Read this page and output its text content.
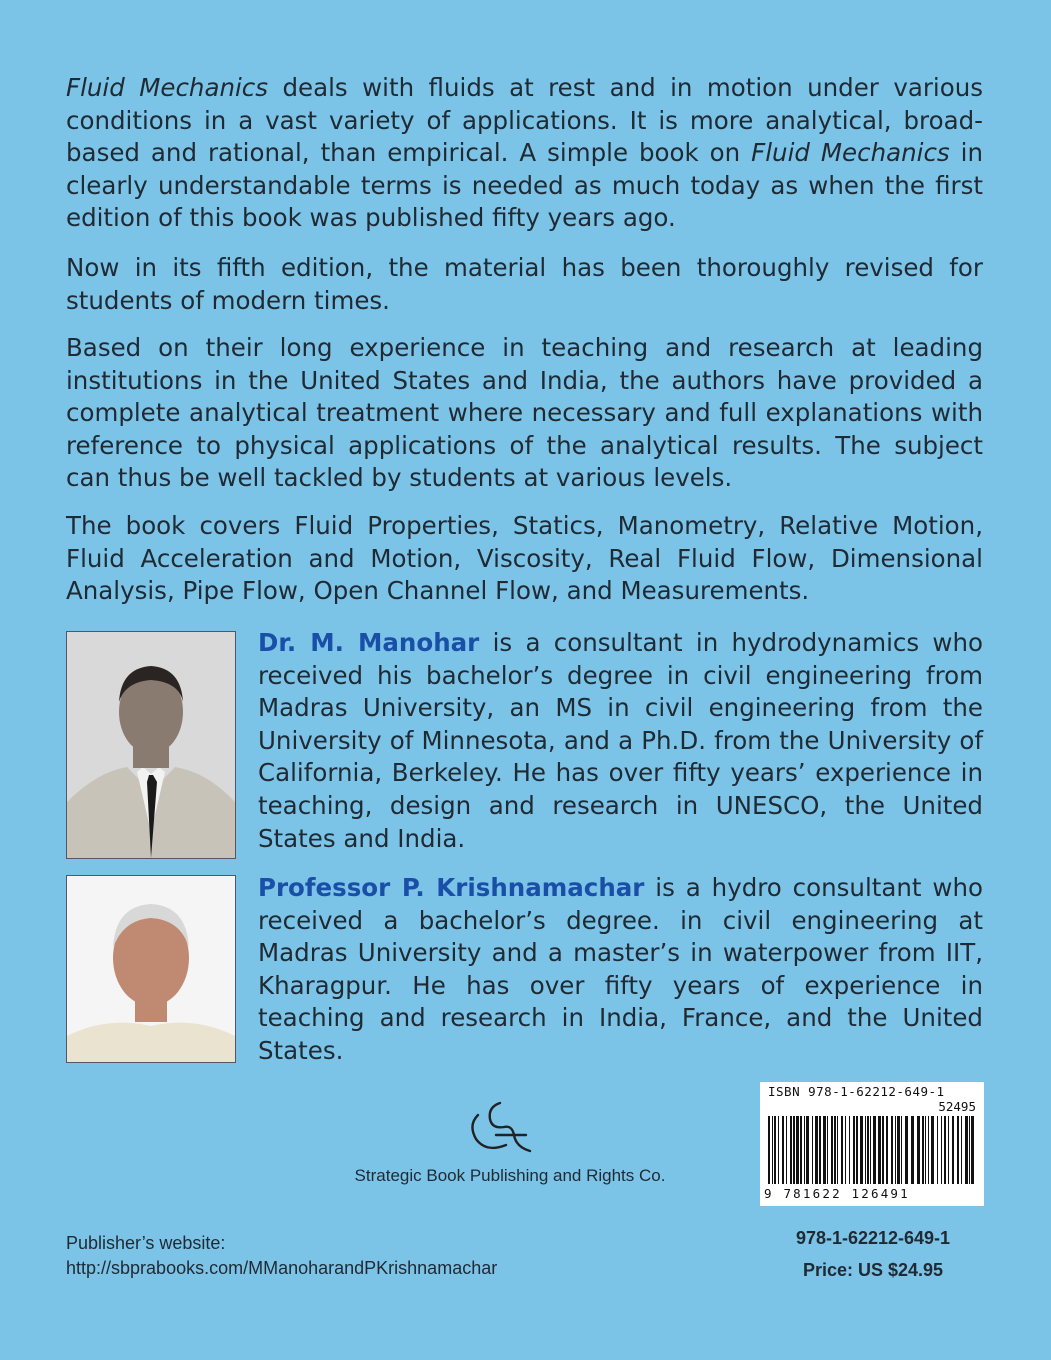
Fluid Mechanics deals with fluids at rest and in motion under various conditions in a vast variety of applications. It is more analytical, broad-based and rational, than empirical. A simple book on Fluid Mechanics in clearly understandable terms is needed as much today as when the first edition of this book was published fifty years ago.

Now in its fifth edition, the material has been thoroughly revised for students of modern times.

Based on their long experience in teaching and research at leading institutions in the United States and India, the authors have provided a complete analytical treatment where necessary and full explanations with reference to physical applications of the analytical results. The subject can thus be well tackled by students at various levels.

The book covers Fluid Properties, Statics, Manometry, Relative Motion, Fluid Acceleration and Motion, Viscosity, Real Fluid Flow, Dimensional Analysis, Pipe Flow, Open Channel Flow, and Measurements.

Dr. M. Manohar is a consultant in hydrodynamics who received his bachelor’s degree in civil engineering from Madras University, an MS in civil engineering from the University of Minnesota, and a Ph.D. from the University of California, Berkeley. He has over fifty years’ experience in teaching, design and research in UNESCO, the United States and India.

Professor P. Krishnamachar is a hydro consultant who received a bachelor’s degree. in civil engineering at Madras University and a master’s in waterpower from IIT, Kharagpur. He has over fifty years of experience in teaching and research in India, France, and the United States.

Strategic Book Publishing and Rights Co.
ISBN 978-1-62212-649-1
52495
9 781622 126491
Publisher’s website:
http://sbprabooks.com/MManoharandPKrishnamachar
978-1-62212-649-1
Price: US $24.95
